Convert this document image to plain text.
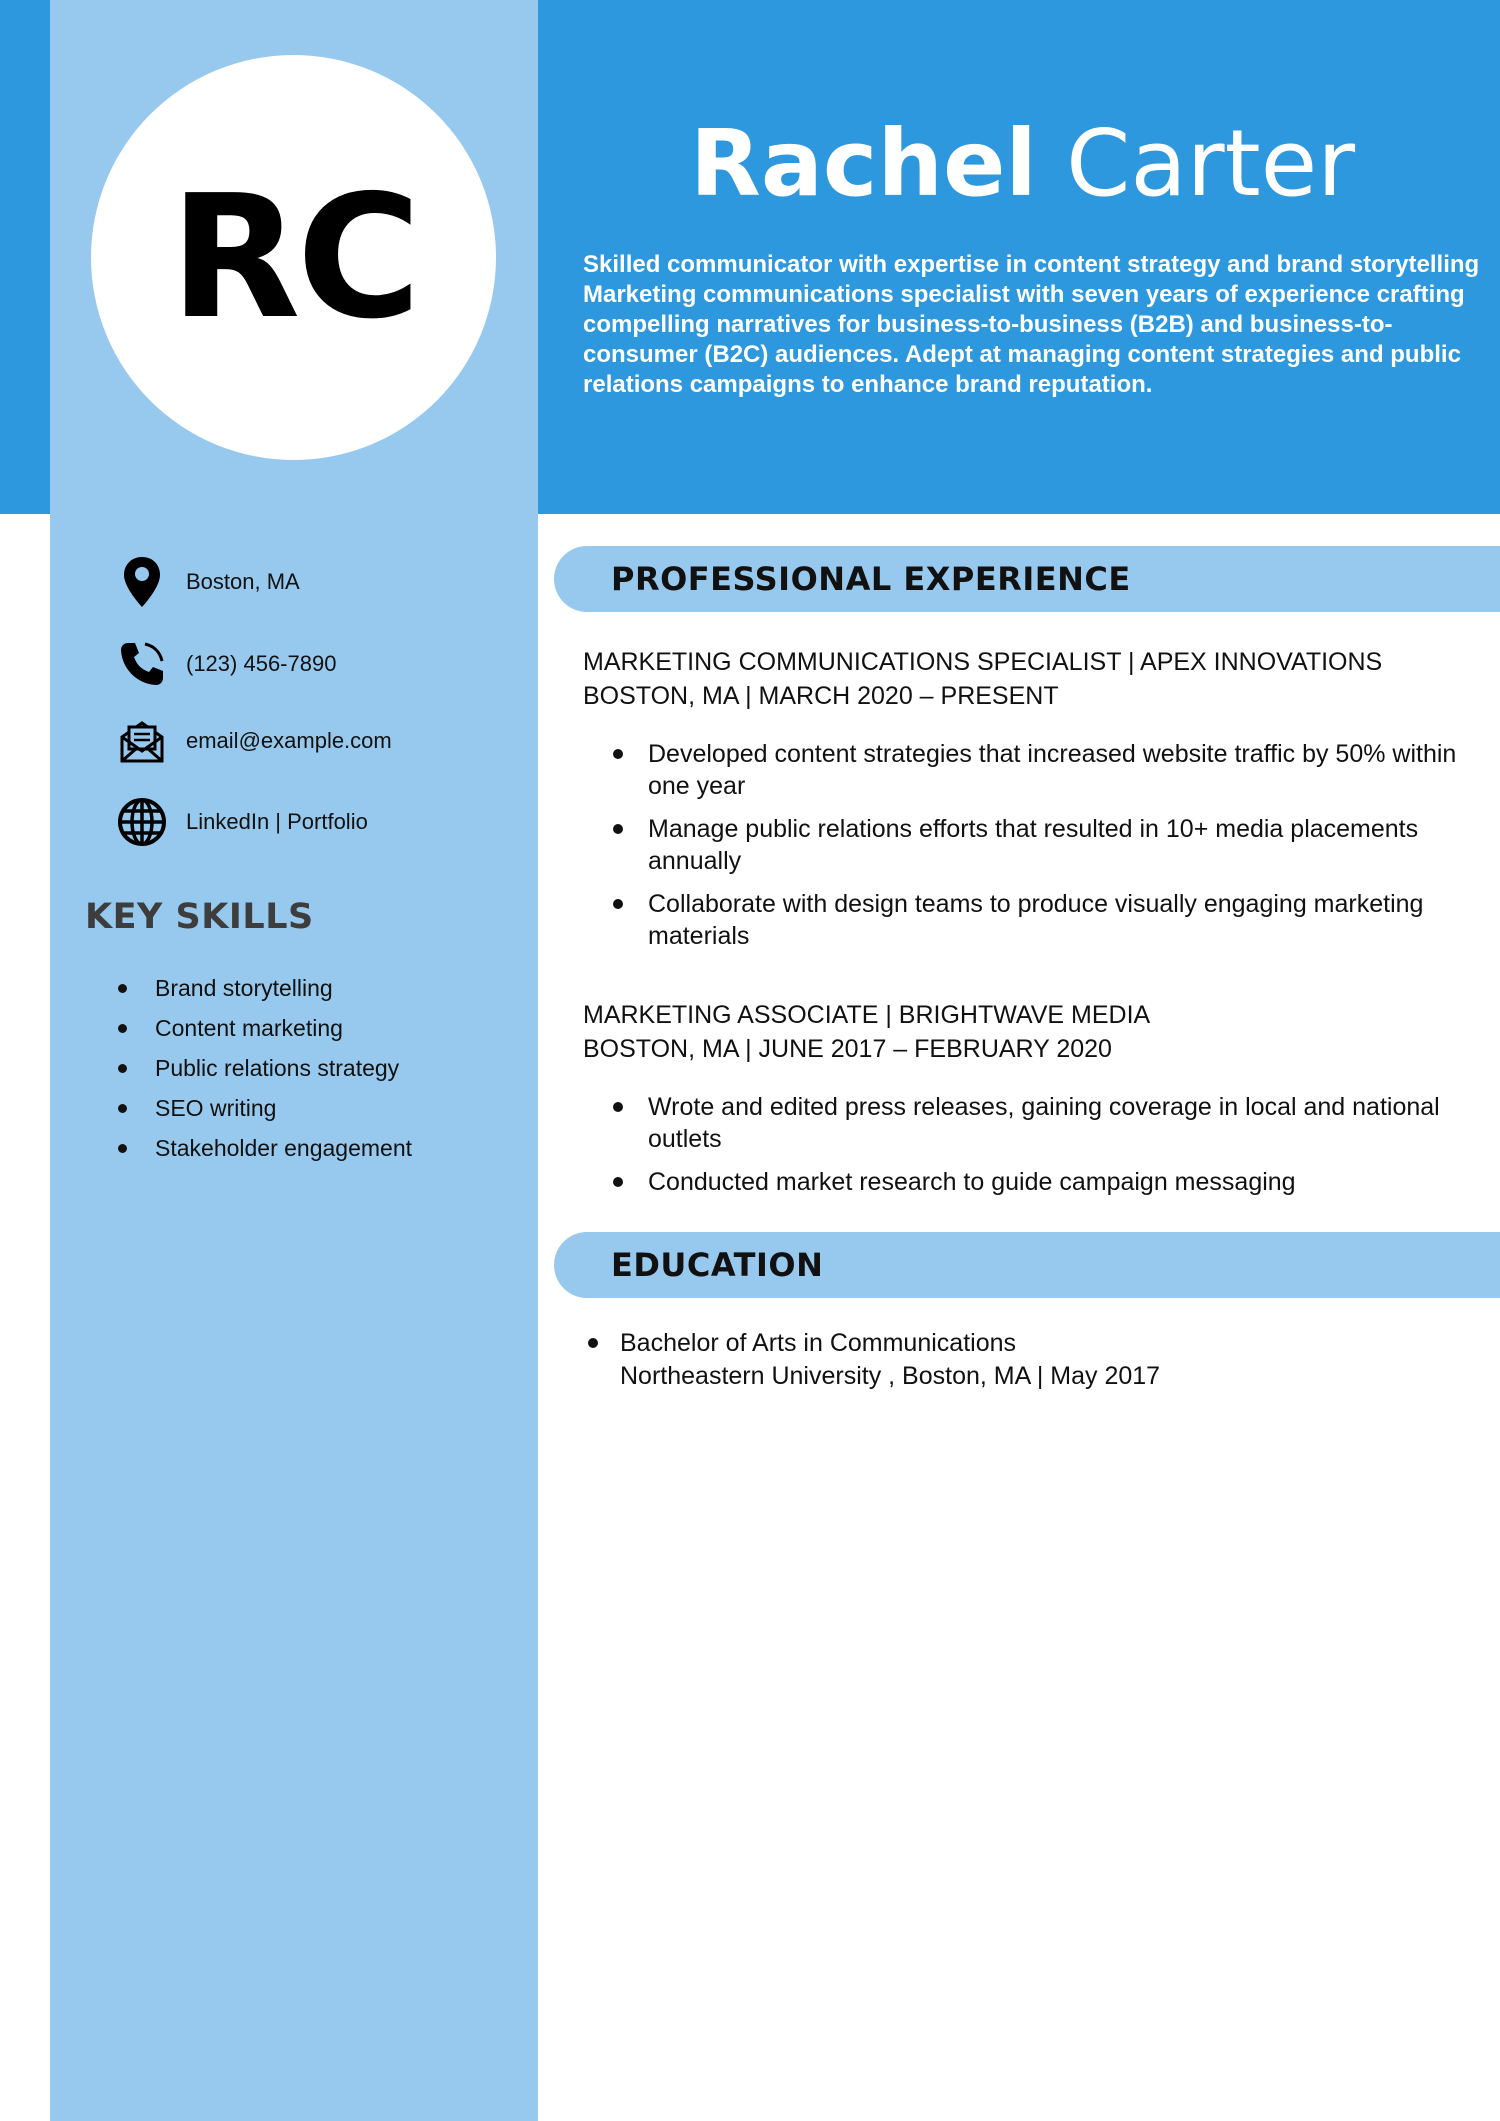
RC	Rachel Carter
Skilled communicator with expertise in content strategy and brand storytelling
Marketing communications specialist with seven years of experience crafting compelling narratives for business-to-business (B2B) and business-to-consumer (B2C) audiences. Adept at managing content strategies and public relations campaigns to enhance brand reputation.
Boston, MA
(123) 456-7890
email@example.com
LinkedIn | Portfolio
KEY SKILLS
Brand storytelling
Content marketing
Public relations strategy
SEO writing
Stakeholder engagement
PROFESSIONAL EXPERIENCE
MARKETING COMMUNICATIONS SPECIALIST | APEX INNOVATIONS
BOSTON, MA | MARCH 2020 – PRESENT
Developed content strategies that increased website traffic by 50% within one year
Manage public relations efforts that resulted in 10+ media placements annually
Collaborate with design teams to produce visually engaging marketing materials
MARKETING ASSOCIATE | BRIGHTWAVE MEDIA
BOSTON, MA | JUNE 2017 – FEBRUARY 2020
Wrote and edited press releases, gaining coverage in local and national outlets
Conducted market research to guide campaign messaging
EDUCATION
Bachelor of Arts in Communications
Northeastern University , Boston, MA | May 2017
